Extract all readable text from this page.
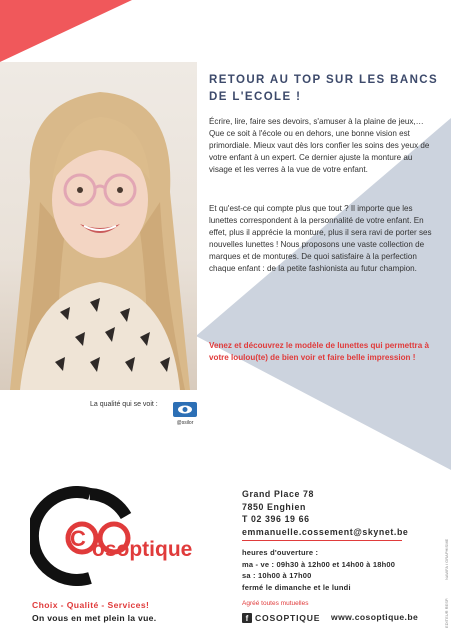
RETOUR AU TOP SUR LES BANCS
DE L'ECOLE !

Écrire, lire, faire ses devoirs, s'amuser à la plaine de jeux,… Que ce soit à l'école ou en dehors, une bonne vision est primordiale. Mieux vaut dès lors confier les soins des yeux de votre enfant à un expert. Ce dernier ajuste la monture au visage et les verres à la vue de votre enfant.

Et qu'est-ce qui compte plus que tout ? Il importe que les lunettes correspondent à la personnalité de votre enfant. En effet, plus il apprécie la monture, plus il sera ravi de porter ses nouvelles lunettes ! Nous proposons une vaste collection de marques et de montures. De quoi satisfaire à la perfection chaque enfant : de la petite fashionista au futur champion.

Venez et découvrez le modèle de lunettes qui permettra à votre loulou(te) de bien voir et faire belle impression !

La qualité qui se voit :
@ssilor
C osoptique
Choix - Qualité - Services!
On vous en met plein la vue.
Grand Place 78
7850 Enghien
T 02 396 19 66
emmanuelle.cossement@skynet.be
heures d'ouverture :
ma - ve : 09h30 à 12h00 et 14h00 à 18h00
sa : 10h00 à 17h00
fermé le dimanche et le lundi
Agréé toutes mutuelles
f COSOPTIQUE www.cosoptique.be
NAWFA / GRAPHISME
EDITEUR RESP.
